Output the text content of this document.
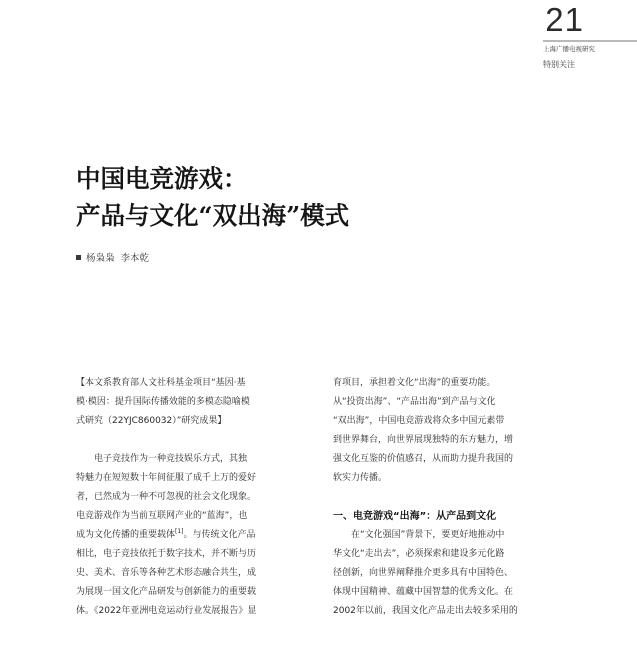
21
上海广播电视研究
特别关注
中国电竞游戏：
产品与文化“双出海”模式
杨枭枭 李本乾
【本文系教育部人文社科基金项目“基因·基
模·模因：提升国际传播效能的多模态隐喻模
式研究（22YJC860032）”研究成果】
电子竞技作为一种竞技娱乐方式，其独
特魅力在短短数十年间征服了成千上万的爱好
者，已然成为一种不可忽视的社会文化现象。
电竞游戏作为当前互联网产业的“蓝海”，也
成为文化传播的重要载体[1]。与传统文化产品
相比，电子竞技依托于数字技术，并不断与历
史、美术、音乐等各种艺术形态融合共生，成
为展现一国文化产品研发与创新能力的重要载
体。《2022年亚洲电竞运动行业发展报告》显
育项目，承担着文化“出海”的重要功能。
从“投资出海”、“产品出海”到产品与文化
“双出海”，中国电竞游戏将众多中国元素带
到世界舞台，向世界展现独特的东方魅力，增
强文化互鉴的价值感召，从而助力提升我国的
软实力传播。
一、电竞游戏“出海”：从产品到文化
在“文化强国”背景下，要更好地推动中
华文化“走出去”，必须探索和建设多元化路
径创新，向世界阐释推介更多具有中国特色、
体现中国精神、蕴藏中国智慧的优秀文化。在
2002年以前，我国文化产品走出去较多采用的
